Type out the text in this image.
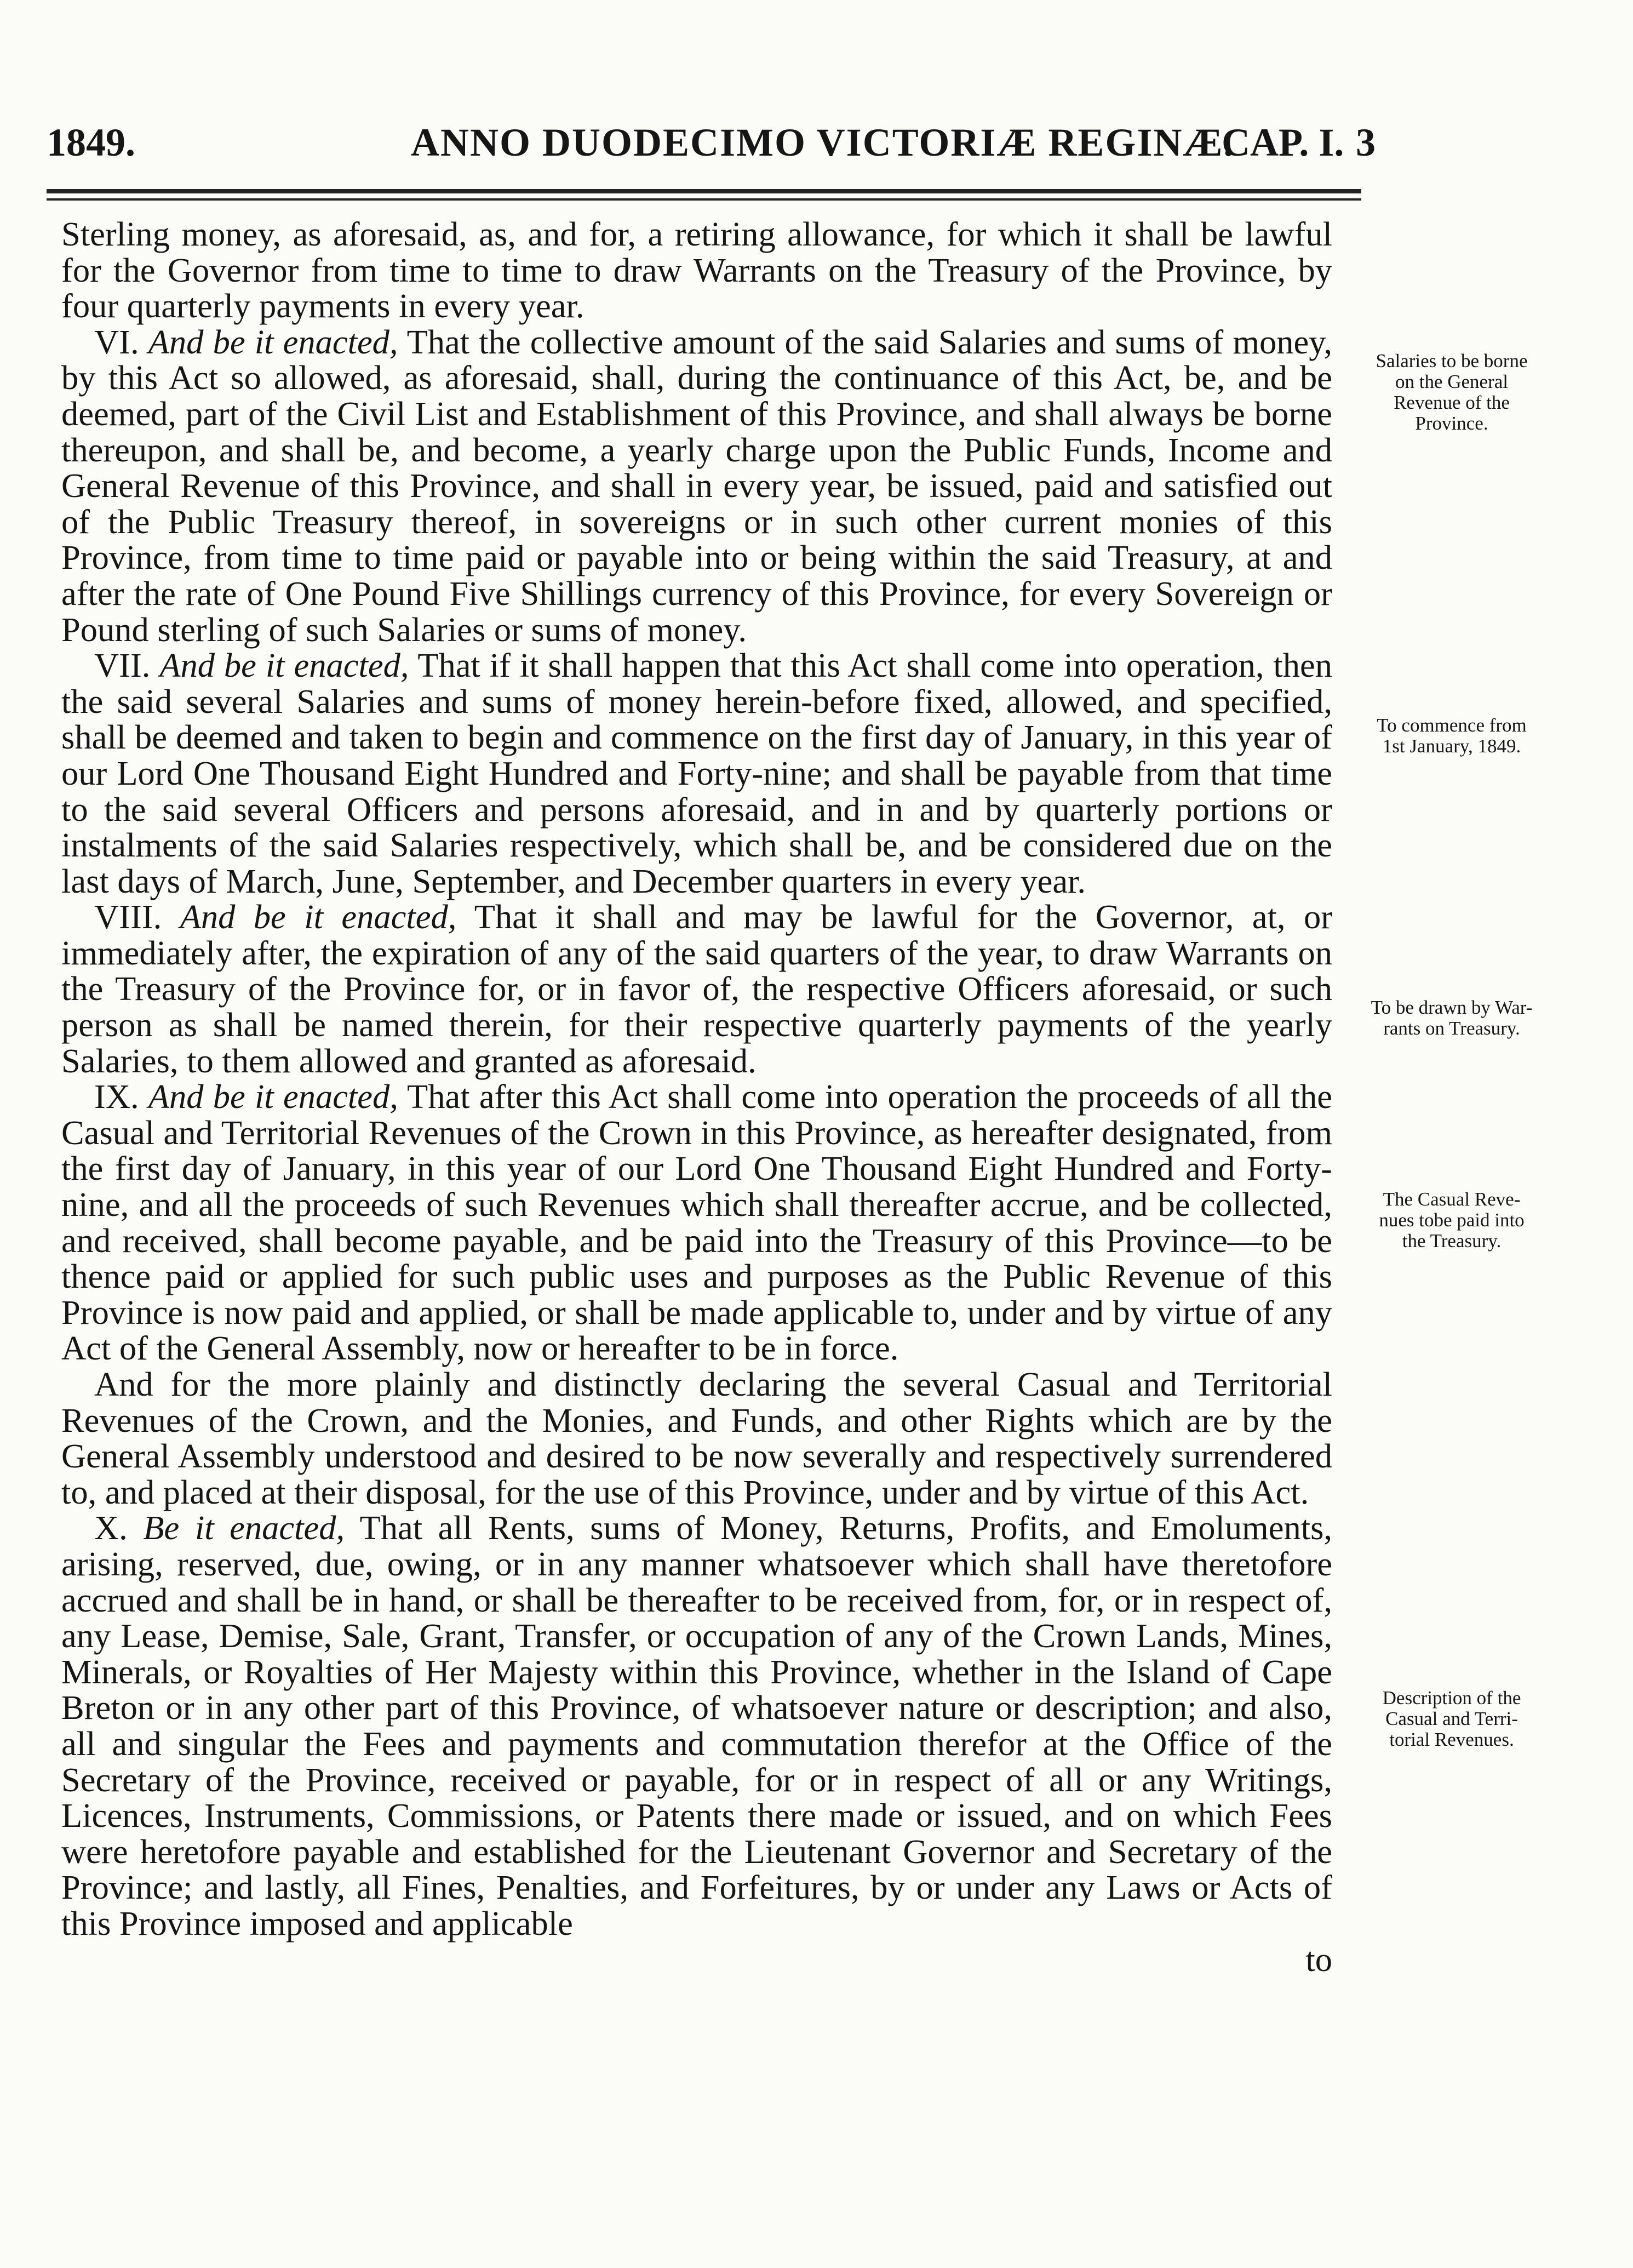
1849.	ANNO DUODECIMO VICTORIÆ REGINÆ.
CAP. I. 3

Sterling money, as aforesaid, as, and for, a retiring allowance, for which it shall be lawful for the Governor from time to time to draw Warrants on the Treasury of the Province, by four quarterly payments in every year.

VI. And be it enacted, That the collective amount of the said Salaries and sums of money, by this Act so allowed, as aforesaid, shall, during the continuance of this Act, be, and be deemed, part of the Civil List and Establishment of this Province, and shall always be borne thereupon, and shall be, and become, a yearly charge upon the Public Funds, Income and General Revenue of this Province, and shall in every year, be issued, paid and satisfied out of the Public Treasury thereof, in sovereigns or in such other current monies of this Province, from time to time paid or payable into or being within the said Treasury, at and after the rate of One Pound Five Shillings currency of this Province, for every Sovereign or Pound sterling of such Salaries or sums of money.

VII. And be it enacted, That if it shall happen that this Act shall come into operation, then the said several Salaries and sums of money herein-before fixed, allowed, and specified, shall be deemed and taken to begin and commence on the first day of January, in this year of our Lord One Thousand Eight Hundred and Forty-nine; and shall be payable from that time to the said several Officers and persons aforesaid, and in and by quarterly portions or instalments of the said Salaries respectively, which shall be, and be considered due on the last days of March, June, September, and December quarters in every year.

VIII. And be it enacted, That it shall and may be lawful for the Governor, at, or immediately after, the expiration of any of the said quarters of the year, to draw Warrants on the Treasury of the Province for, or in favor of, the respective Officers aforesaid, or such person as shall be named therein, for their respective quarterly payments of the yearly Salaries, to them allowed and granted as aforesaid.

IX. And be it enacted, That after this Act shall come into operation the proceeds of all the Casual and Territorial Revenues of the Crown in this Province, as hereafter designated, from the first day of January, in this year of our Lord One Thousand Eight Hundred and Forty-nine, and all the proceeds of such Revenues which shall thereafter accrue, and be collected, and received, shall become payable, and be paid into the Treasury of this Province—to be thence paid or applied for such public uses and purposes as the Public Revenue of this Province is now paid and applied, or shall be made applicable to, under and by virtue of any Act of the General Assembly, now or hereafter to be in force.

And for the more plainly and distinctly declaring the several Casual and Territorial Revenues of the Crown, and the Monies, and Funds, and other Rights which are by the General Assembly understood and desired to be now severally and respectively surrendered to, and placed at their disposal, for the use of this Province, under and by virtue of this Act.

X. Be it enacted, That all Rents, sums of Money, Returns, Profits, and Emoluments, arising, reserved, due, owing, or in any manner whatsoever which shall have theretofore accrued and shall be in hand, or shall be thereafter to be received from, for, or in respect of, any Lease, Demise, Sale, Grant, Transfer, or occupation of any of the Crown Lands, Mines, Minerals, or Royalties of Her Majesty within this Province, whether in the Island of Cape Breton or in any other part of this Province, of whatsoever nature or description; and also, all and singular the Fees and payments and commutation therefor at the Office of the Secretary of the Province, received or payable, for or in respect of all or any Writings, Licences, Instruments, Commissions, or Patents there made or issued, and on which Fees were heretofore payable and established for the Lieutenant Governor and Secretary of the Province; and lastly, all Fines, Penalties, and Forfeitures, by or under any Laws or Acts of this Province imposed and applicable

to
Salaries to be borne
on the General
Revenue of the
Province.
To commence from
1st January, 1849.
To be drawn by War-
rants on Treasury.
The Casual Reve-
nues tobe paid into
the Treasury.
Description of the
Casual and Terri-
torial Revenues.
